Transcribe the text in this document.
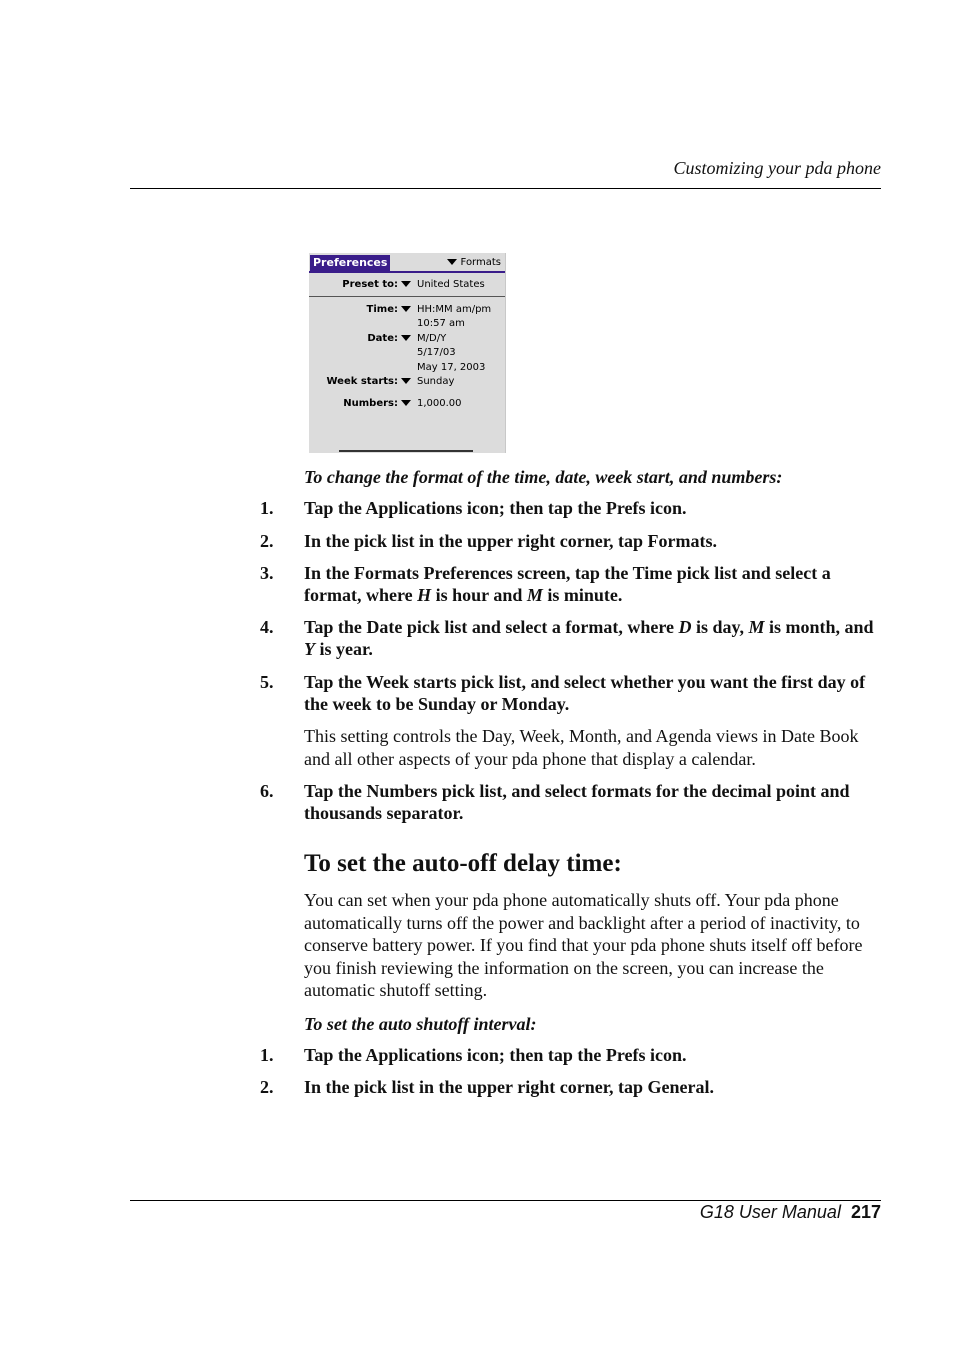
Customizing your pda phone
Preferences	Formats
Preset to: United States
Time: HH:MM am/pm
10:57 am
Date: M/D/Y
5/17/03
May 17, 2003
Week starts: Sunday
Numbers: 1,000.00
To change the format of the time, date, week start, and numbers:
1. Tap the Applications icon; then tap the Prefs icon.
2. In the pick list in the upper right corner, tap Formats.
3. In the Formats Preferences screen, tap the Time pick list and select a format, where H is hour and M is minute.
4. Tap the Date pick list and select a format, where D is day, M is month, and Y is year.
5. Tap the Week starts pick list, and select whether you want the first day of the week to be Sunday or Monday.
This setting controls the Day, Week, Month, and Agenda views in Date Book and all other aspects of your pda phone that display a calendar.
6. Tap the Numbers pick list, and select formats for the decimal point and thousands separator.
To set the auto-off delay time:
You can set when your pda phone automatically shuts off. Your pda phone automatically turns off the power and backlight after a period of inactivity, to conserve battery power. If you find that your pda phone shuts itself off before you finish reviewing the information on the screen, you can increase the automatic shutoff setting.
To set the auto shutoff interval:
1. Tap the Applications icon; then tap the Prefs icon.
2. In the pick list in the upper right corner, tap General.
G18 User Manual 217
